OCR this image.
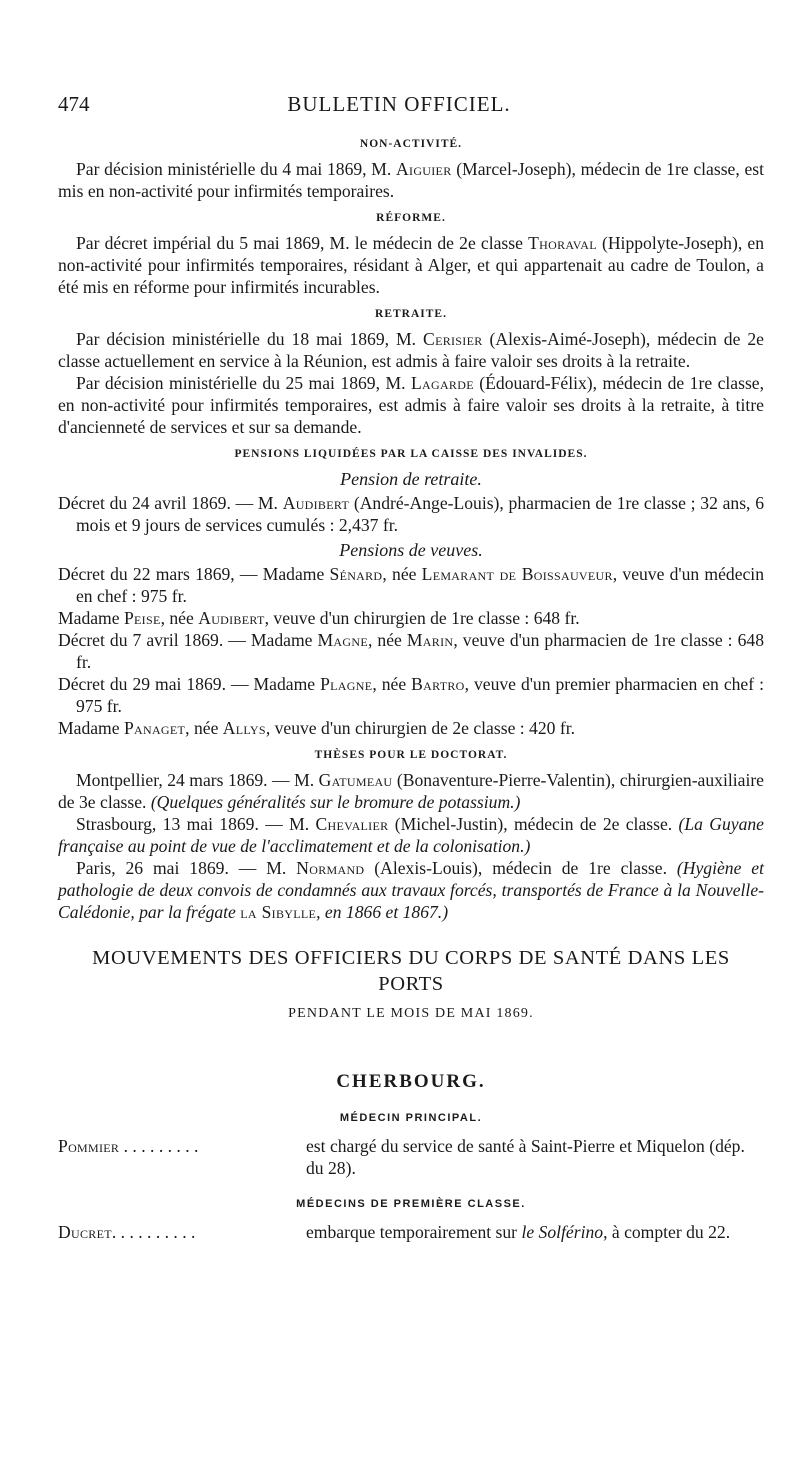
474	BULLETIN OFFICIEL.
NON-ACTIVITÉ.

Par décision ministérielle du 4 mai 1869, M. Aiguier (Marcel-Joseph), médecin de 1re classe, est mis en non-activité pour infirmités temporaires.

RÉFORME.

Par décret impérial du 5 mai 1869, M. le médecin de 2e classe Thoraval (Hippolyte-Joseph), en non-activité pour infirmités temporaires, résidant à Alger, et qui appartenait au cadre de Toulon, a été mis en réforme pour infirmités incurables.

RETRAITE.

Par décision ministérielle du 18 mai 1869, M. Cerisier (Alexis-Aimé-Joseph), médecin de 2e classe actuellement en service à la Réunion, est admis à faire valoir ses droits à la retraite.

Par décision ministérielle du 25 mai 1869, M. Lagarde (Édouard-Félix), médecin de 1re classe, en non-activité pour infirmités temporaires, est admis à faire valoir ses droits à la retraite, à titre d'ancienneté de services et sur sa demande.

PENSIONS LIQUIDÉES PAR LA CAISSE DES INVALIDES.
Pension de retraite.

Décret du 24 avril 1869. — M. Audibert (André-Ange-Louis), pharmacien de 1re classe ; 32 ans, 6 mois et 9 jours de services cumulés : 2,437 fr.

Pensions de veuves.

Décret du 22 mars 1869, — Madame Sénard, née Lemarant de Boissauveur, veuve d'un médecin en chef : 975 fr.

Madame Peise, née Audibert, veuve d'un chirurgien de 1re classe : 648 fr.

Décret du 7 avril 1869. — Madame Magne, née Marin, veuve d'un pharmacien de 1re classe : 648 fr.

Décret du 29 mai 1869. — Madame Plagne, née Bartro, veuve d'un premier pharmacien en chef : 975 fr.

Madame Panaget, née Allys, veuve d'un chirurgien de 2e classe : 420 fr.

THÈSES POUR LE DOCTORAT.

Montpellier, 24 mars 1869. — M. Gatumeau (Bonaventure-Pierre-Valentin), chirurgien-auxiliaire de 3e classe. (Quelques généralités sur le bromure de potassium.)

Strasbourg, 13 mai 1869. — M. Chevalier (Michel-Justin), médecin de 2e classe. (La Guyane française au point de vue de l'acclimatement et de la colonisation.)

Paris, 26 mai 1869. — M. Normand (Alexis-Louis), médecin de 1re classe. (Hygiène et pathologie de deux convois de condamnés aux travaux forcés, transportés de France à la Nouvelle-Calédonie, par la frégate la Sibylle, en 1866 et 1867.)

MOUVEMENTS DES OFFICIERS DU CORPS DE SANTÉ DANS LES PORTS
PENDANT LE MOIS DE MAI 1869.
CHERBOURG.
MÉDECIN PRINCIPAL.
Pommier . . . . . . . . .	est chargé du service de santé à Saint-Pierre et Miquelon (dép. du 28).
MÉDECINS DE PREMIÈRE CLASSE.
Ducret. . . . . . . . . .	embarque temporairement sur le Solférino, à compter du 22.
